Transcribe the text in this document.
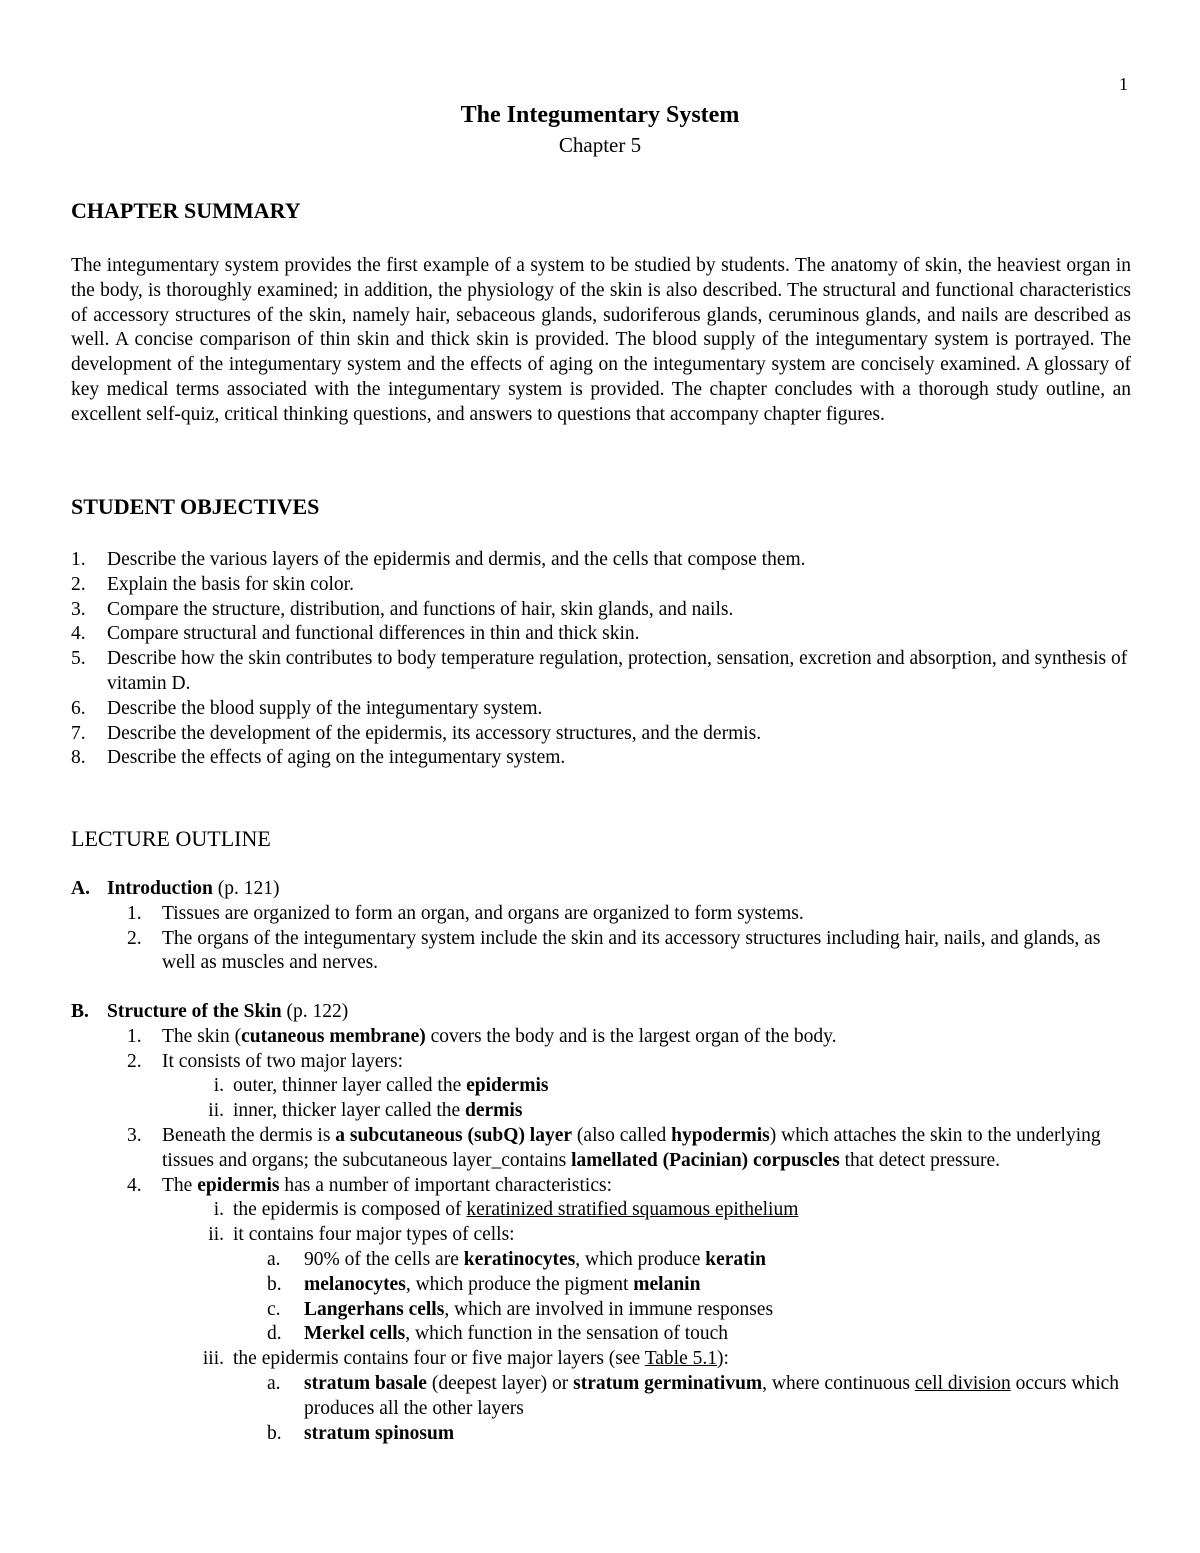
1
The Integumentary System
Chapter 5
CHAPTER SUMMARY

The integumentary system provides the first example of a system to be studied by students. The anatomy of skin, the heaviest organ in the body, is thoroughly examined; in addition, the physiology of the skin is also described. The structural and functional characteristics of accessory structures of the skin, namely hair, sebaceous glands, sudoriferous glands, ceruminous glands, and nails are described as well. A concise comparison of thin skin and thick skin is provided. The blood supply of the integumentary system is portrayed. The development of the integumentary system and the effects of aging on the integumentary system are concisely examined. A glossary of key medical terms associated with the integumentary system is provided. The chapter concludes with a thorough study outline, an excellent self-quiz, critical thinking questions, and answers to questions that accompany chapter figures.

STUDENT OBJECTIVES
1. Describe the various layers of the epidermis and dermis, and the cells that compose them.
2. Explain the basis for skin color.
3. Compare the structure, distribution, and functions of hair, skin glands, and nails.
4. Compare structural and functional differences in thin and thick skin.
5. Describe how the skin contributes to body temperature regulation, protection, sensation, excretion and absorption, and synthesis of vitamin D.
6. Describe the blood supply of the integumentary system.
7. Describe the development of the epidermis, its accessory structures, and the dermis.
8. Describe the effects of aging on the integumentary system.
LECTURE OUTLINE
A. Introduction (p. 121)
1. Tissues are organized to form an organ, and organs are organized to form systems.
2. The organs of the integumentary system include the skin and its accessory structures including hair, nails, and glands, as well as muscles and nerves.
B. Structure of the Skin (p. 122)
1. The skin (cutaneous membrane) covers the body and is the largest organ of the body.
2. It consists of two major layers:
i. outer, thinner layer called the epidermis
ii. inner, thicker layer called the dermis
3. Beneath the dermis is a subcutaneous (subQ) layer (also called hypodermis) which attaches the skin to the underlying tissues and organs; the subcutaneous layer_contains lamellated (Pacinian) corpuscles that detect pressure.
4. The epidermis has a number of important characteristics:
i. the epidermis is composed of keratinized stratified squamous epithelium
ii. it contains four major types of cells:
a. 90% of the cells are keratinocytes, which produce keratin
b. melanocytes, which produce the pigment melanin
c. Langerhans cells, which are involved in immune responses
d. Merkel cells, which function in the sensation of touch
iii. the epidermis contains four or five major layers (see Table 5.1):
a. stratum basale (deepest layer) or stratum germinativum, where continuous cell division occurs which produces all the other layers
b. stratum spinosum
